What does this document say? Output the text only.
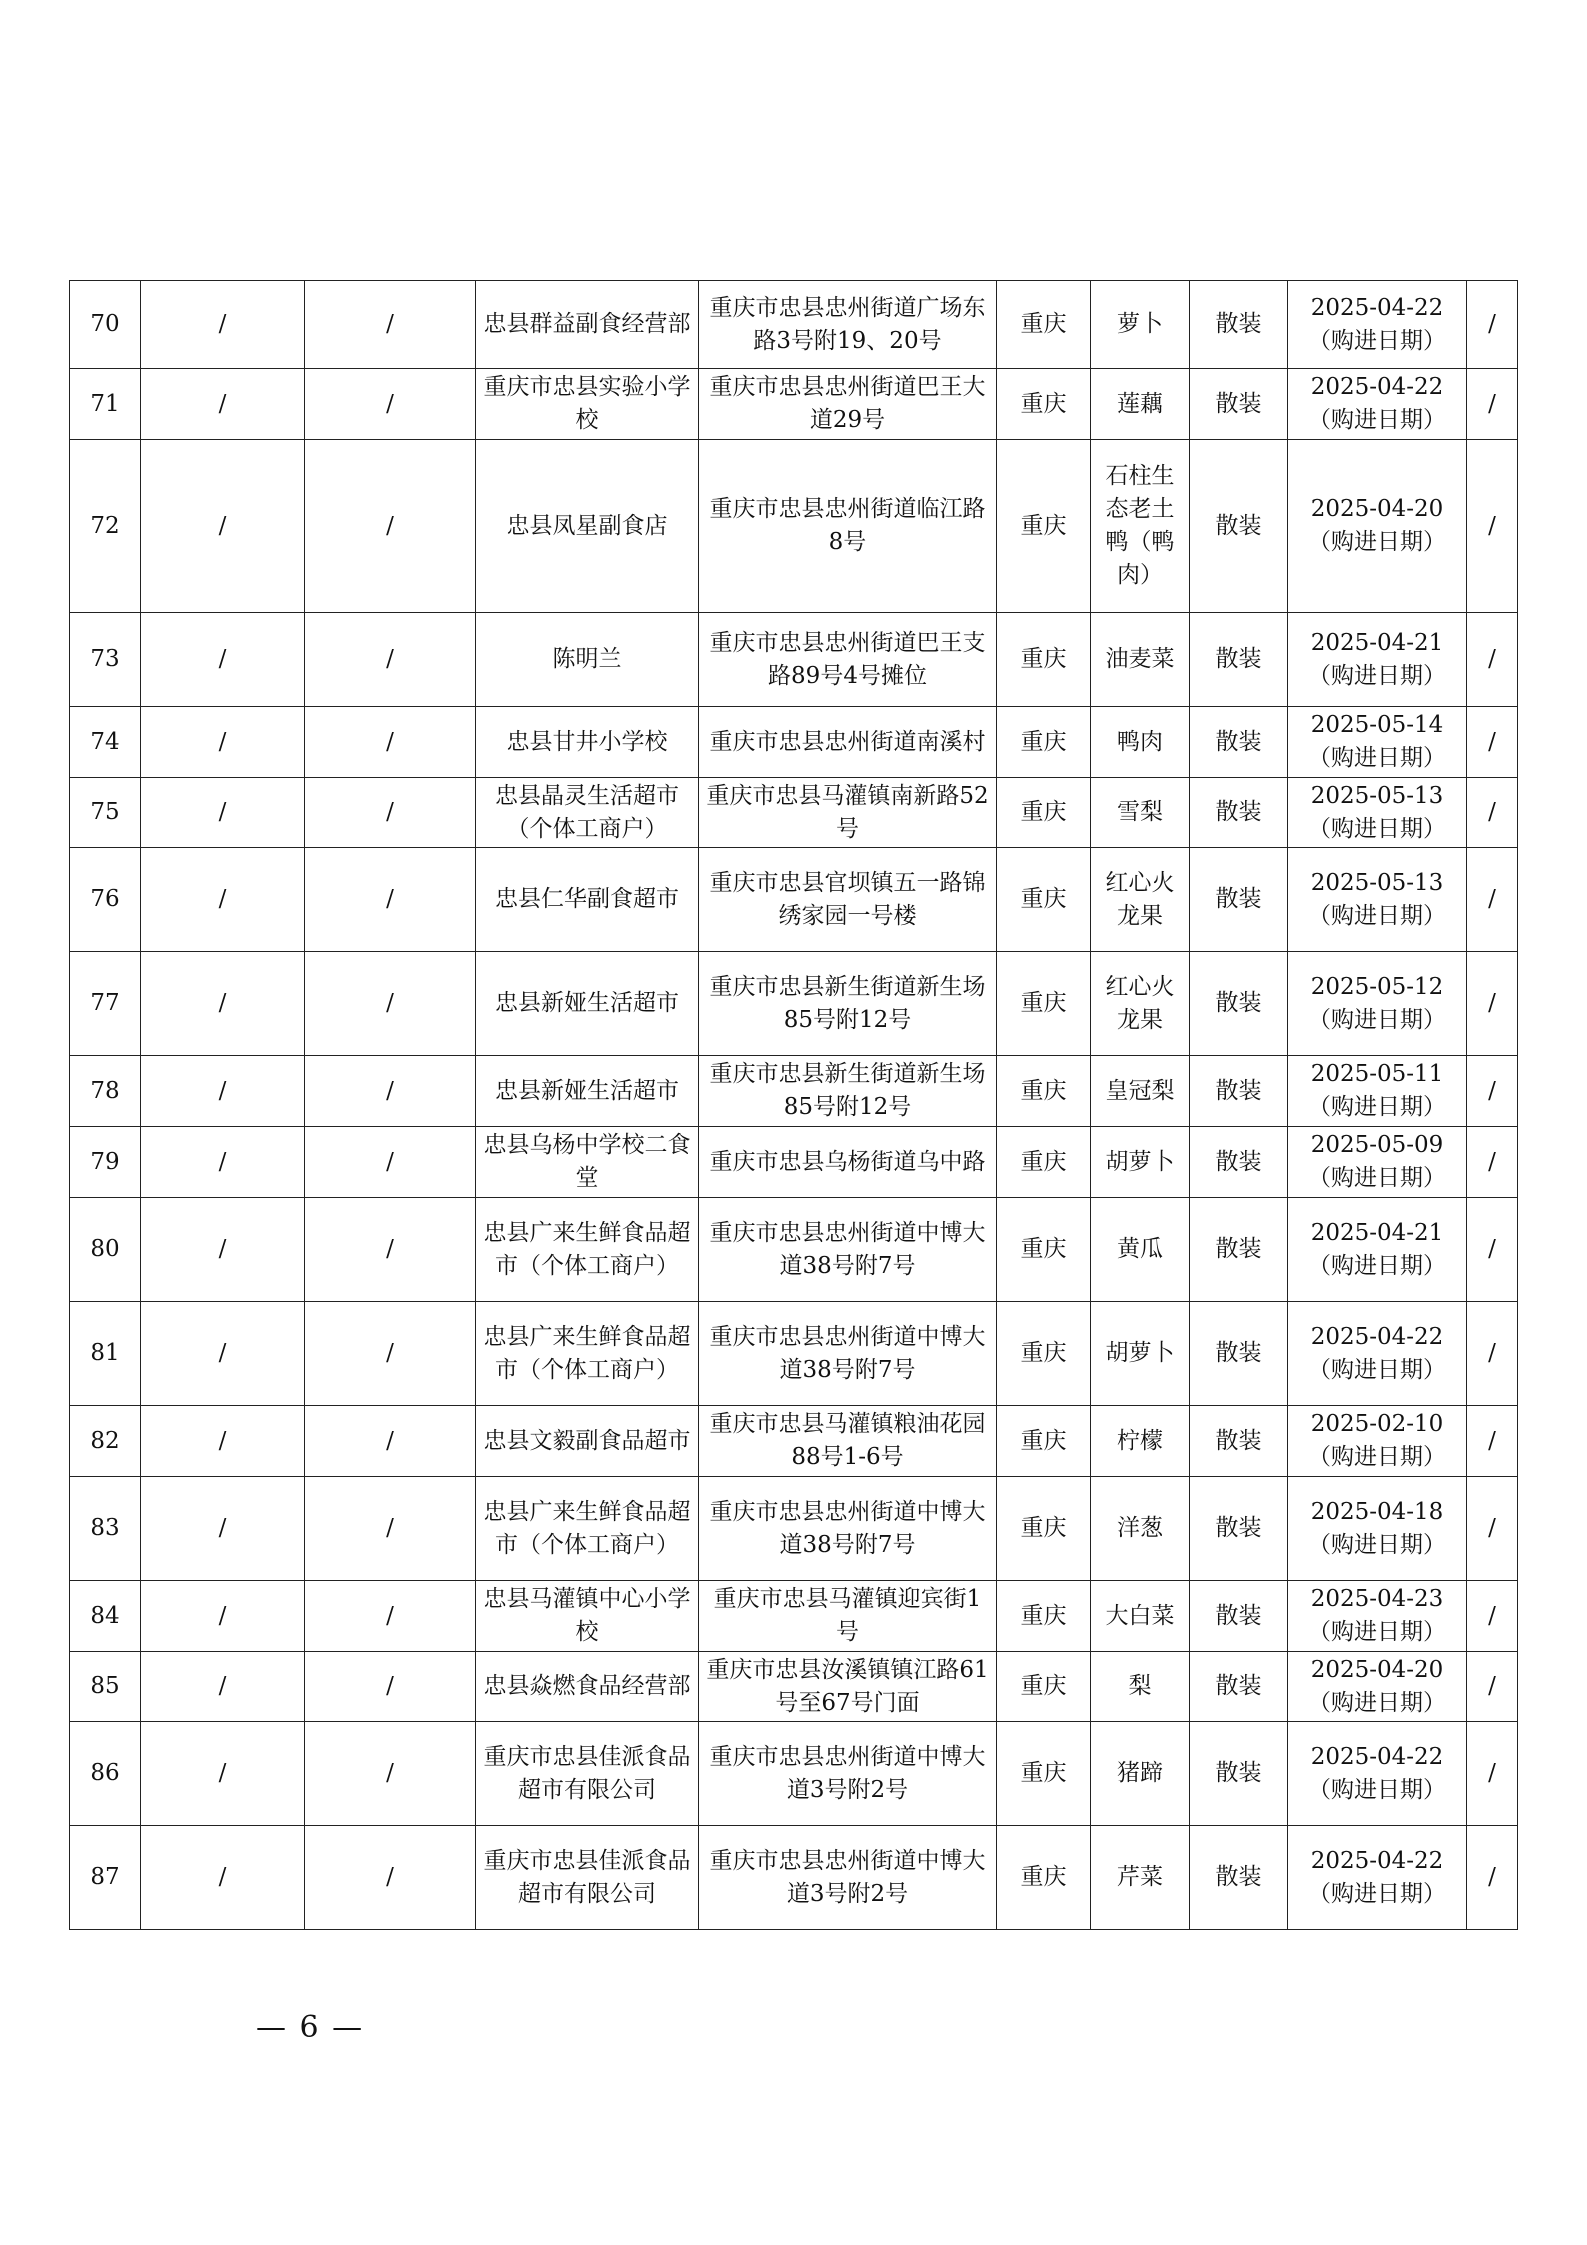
70	/	/	忠县群益副食经营部	重庆市忠县忠州街道广场东路3号附19、20号	重庆	萝卜	散装	2025-04-22（购进日期）	/
71	/	/	重庆市忠县实验小学校	重庆市忠县忠州街道巴王大道29号	重庆	莲藕	散装	2025-04-22（购进日期）	/
72	/	/	忠县凤星副食店	重庆市忠县忠州街道临江路8号	重庆	石柱生态老土鸭（鸭肉）	散装	2025-04-20（购进日期）	/
73	/	/	陈明兰	重庆市忠县忠州街道巴王支路89号4号摊位	重庆	油麦菜	散装	2025-04-21（购进日期）	/
74	/	/	忠县甘井小学校	重庆市忠县忠州街道南溪村	重庆	鸭肉	散装	2025-05-14（购进日期）	/
75	/	/	忠县晶灵生活超市（个体工商户）	重庆市忠县马灌镇南新路52号	重庆	雪梨	散装	2025-05-13（购进日期）	/
76	/	/	忠县仁华副食超市	重庆市忠县官坝镇五一路锦绣家园一号楼	重庆	红心火龙果	散装	2025-05-13（购进日期）	/
77	/	/	忠县新娅生活超市	重庆市忠县新生街道新生场85号附12号	重庆	红心火龙果	散装	2025-05-12（购进日期）	/
78	/	/	忠县新娅生活超市	重庆市忠县新生街道新生场85号附12号	重庆	皇冠梨	散装	2025-05-11（购进日期）	/
79	/	/	忠县乌杨中学校二食堂	重庆市忠县乌杨街道乌中路	重庆	胡萝卜	散装	2025-05-09（购进日期）	/
80	/	/	忠县广来生鲜食品超市（个体工商户）	重庆市忠县忠州街道中博大道38号附7号	重庆	黄瓜	散装	2025-04-21（购进日期）	/
81	/	/	忠县广来生鲜食品超市（个体工商户）	重庆市忠县忠州街道中博大道38号附7号	重庆	胡萝卜	散装	2025-04-22（购进日期）	/
82	/	/	忠县文毅副食品超市	重庆市忠县马灌镇粮油花园88号1-6号	重庆	柠檬	散装	2025-02-10（购进日期）	/
83	/	/	忠县广来生鲜食品超市（个体工商户）	重庆市忠县忠州街道中博大道38号附7号	重庆	洋葱	散装	2025-04-18（购进日期）	/
84	/	/	忠县马灌镇中心小学校	重庆市忠县马灌镇迎宾街1号	重庆	大白菜	散装	2025-04-23（购进日期）	/
85	/	/	忠县焱燃食品经营部	重庆市忠县汝溪镇镇江路61号至67号门面	重庆	梨	散装	2025-04-20（购进日期）	/
86	/	/	重庆市忠县佳派食品超市有限公司	重庆市忠县忠州街道中博大道3号附2号	重庆	猪蹄	散装	2025-04-22（购进日期）	/
87	/	/	重庆市忠县佳派食品超市有限公司	重庆市忠县忠州街道中博大道3号附2号	重庆	芹菜	散装	2025-04-22（购进日期）	/
— 6 —
